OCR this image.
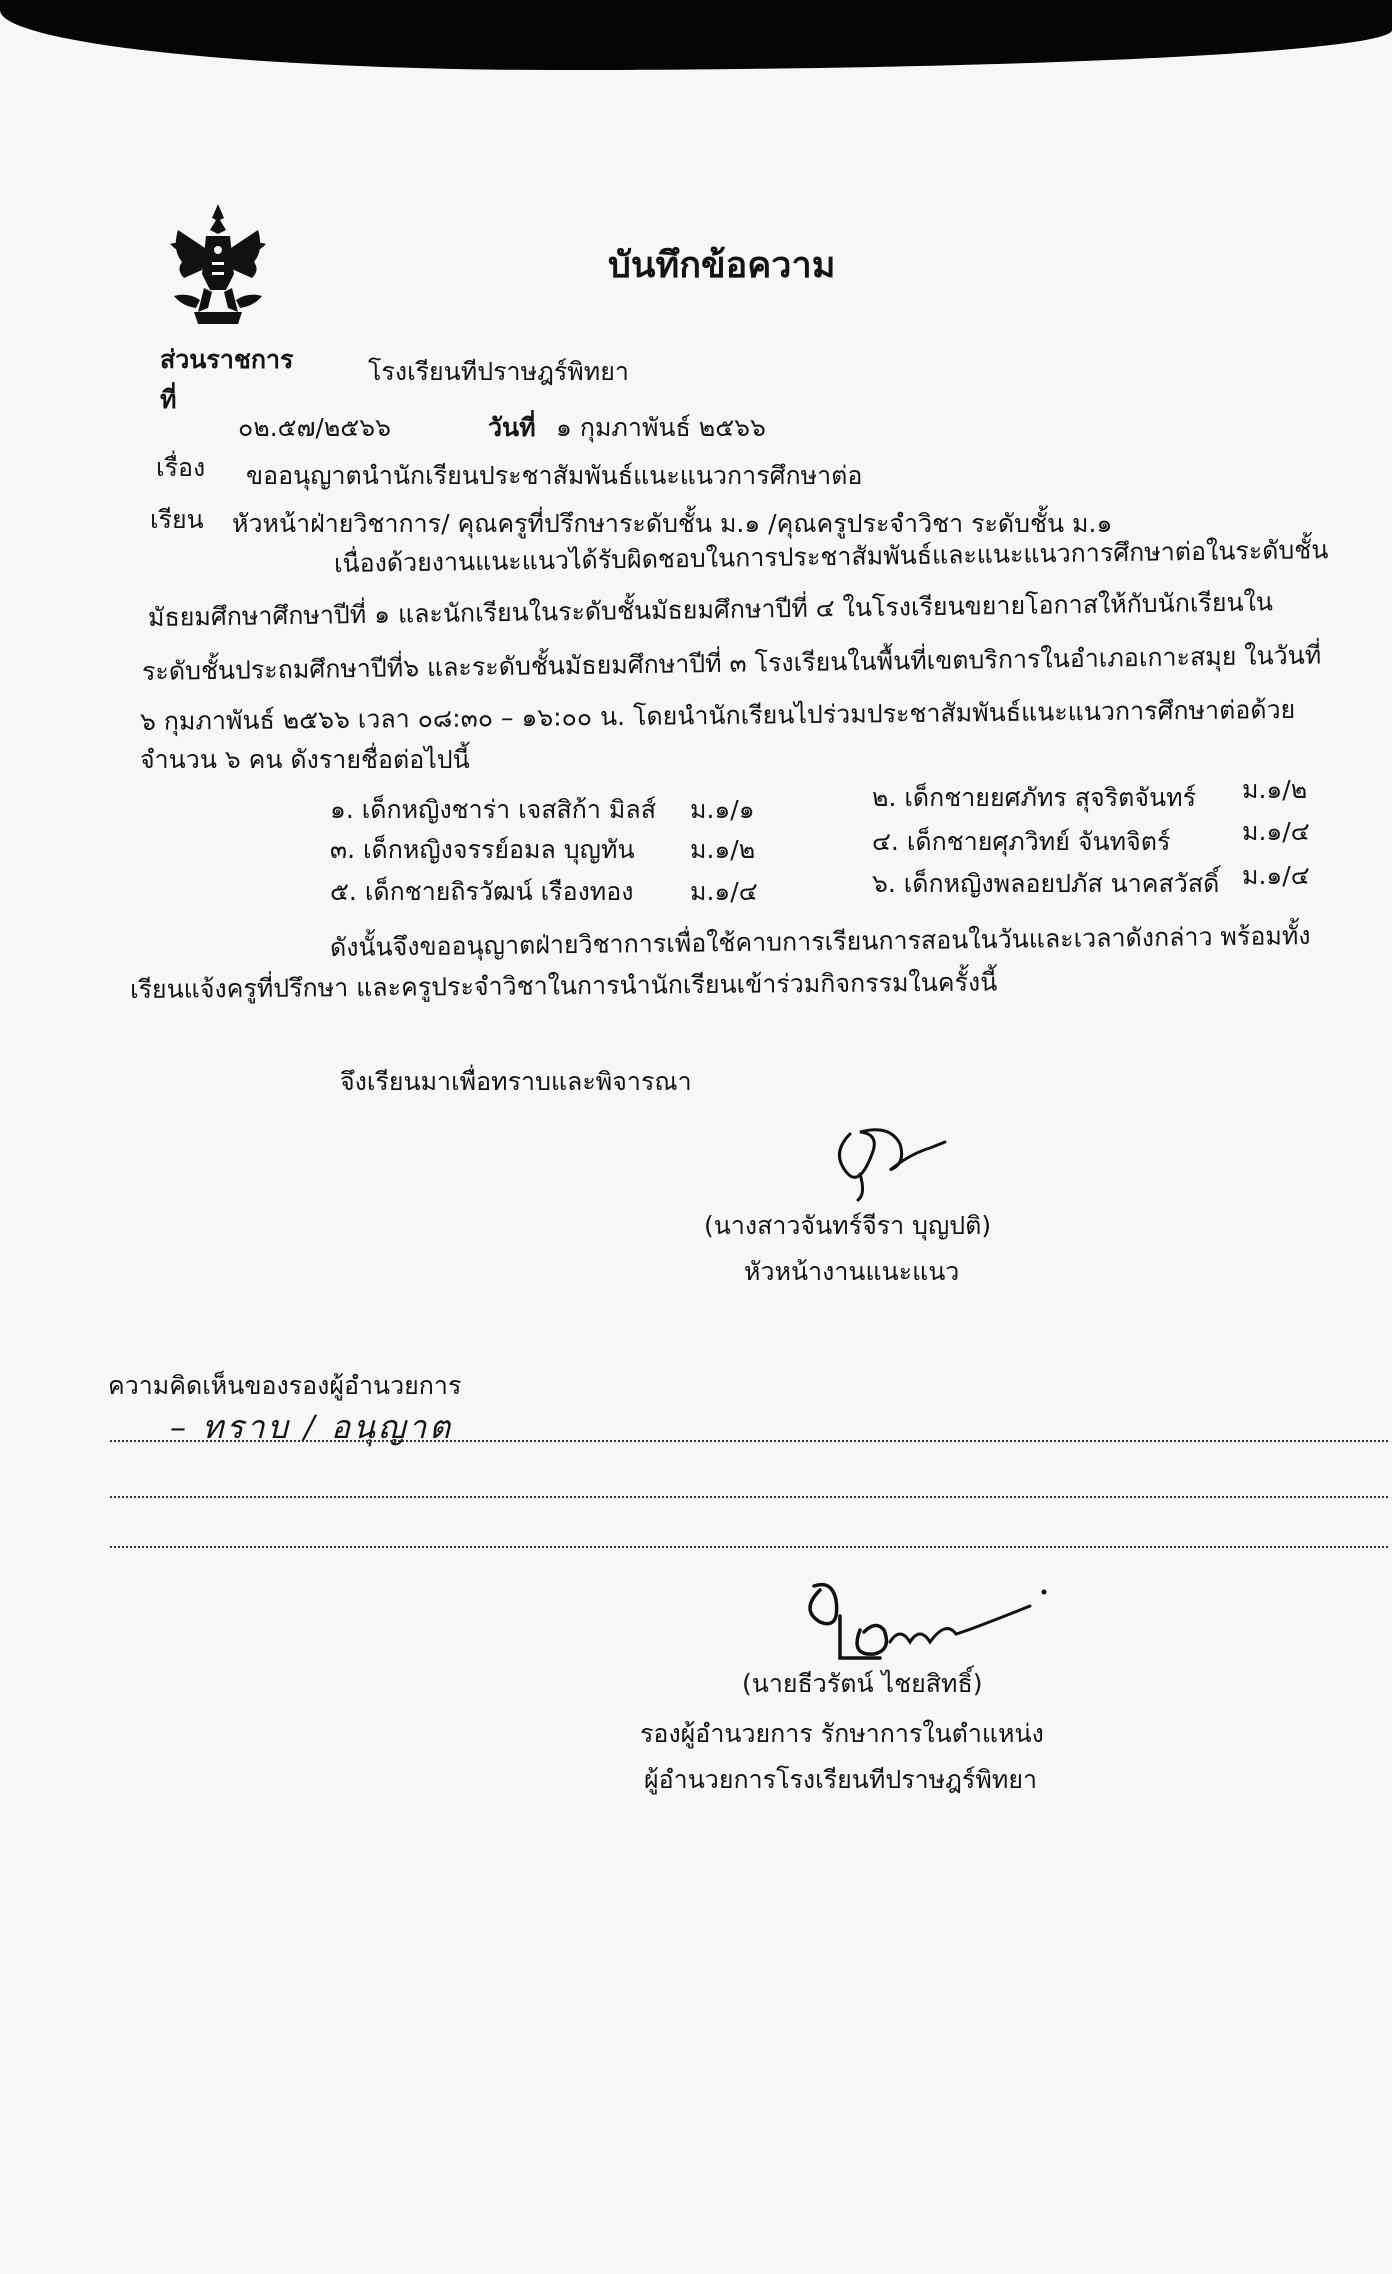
บันทึกข้อความ
ส่วนราชการ	โรงเรียนทีปราษฎร์พิทยา
ที่
๐๒.๕๗/๒๕๖๖	วันที่ ๑ กุมภาพันธ์ ๒๕๖๖
เรื่อง ขออนุญาตนำนักเรียนประชาสัมพันธ์แนะแนวการศึกษาต่อ
เรียน หัวหน้าฝ่ายวิชาการ/ คุณครูที่ปรึกษาระดับชั้น ม.๑ /คุณครูประจำวิชา ระดับชั้น ม.๑
เนื่องด้วยงานแนะแนวได้รับผิดชอบในการประชาสัมพันธ์และแนะแนวการศึกษาต่อในระดับชั้น
มัธยมศึกษาศึกษาปีที่ ๑ และนักเรียนในระดับชั้นมัธยมศึกษาปีที่ ๔ ในโรงเรียนขยายโอกาสให้กับนักเรียนใน
ระดับชั้นประถมศึกษาปีที่๖ และระดับชั้นมัธยมศึกษาปีที่ ๓ โรงเรียนในพื้นที่เขตบริการในอำเภอเกาะสมุย ในวันที่
๖ กุมภาพันธ์ ๒๕๖๖ เวลา ๐๘:๓๐ – ๑๖:๐๐ น. โดยนำนักเรียนไปร่วมประชาสัมพันธ์แนะแนวการศึกษาต่อด้วย
จำนวน ๖ คน ดังรายชื่อต่อไปนี้
๑. เด็กหญิงชาร่า เจสสิก้า มิลส์ ม.๑/๑	๒. เด็กชายยศภัทร สุจริตจันทร์ ม.๑/๒
๓. เด็กหญิงจรรย์อมล บุญทัน ม.๑/๒	๔. เด็กชายศุภวิทย์ จันทจิตร์	ม.๑/๔
๕. เด็กชายถิรวัฒน์ เรืองทอง ม.๑/๔	๖. เด็กหญิงพลอยปภัส นาคสวัสดิ์ ม.๑/๔
ดังนั้นจึงขออนุญาตฝ่ายวิชาการเพื่อใช้คาบการเรียนการสอนในวันและเวลาดังกล่าว พร้อมทั้ง
เรียนแจ้งครูที่ปรึกษา และครูประจำวิชาในการนำนักเรียนเข้าร่วมกิจกรรมในครั้งนี้
จึงเรียนมาเพื่อทราบและพิจารณา
(นางสาวจันทร์จีรา บุญปติ)
หัวหน้างานแนะแนว
ความคิดเห็นของรองผู้อำนวยการ
– ทราบ / อนุญาต
(นายธีวรัตน์ ไชยสิทธิ์)
รองผู้อำนวยการ รักษาการในตำแหน่ง
ผู้อำนวยการโรงเรียนทีปราษฎร์พิทยา
